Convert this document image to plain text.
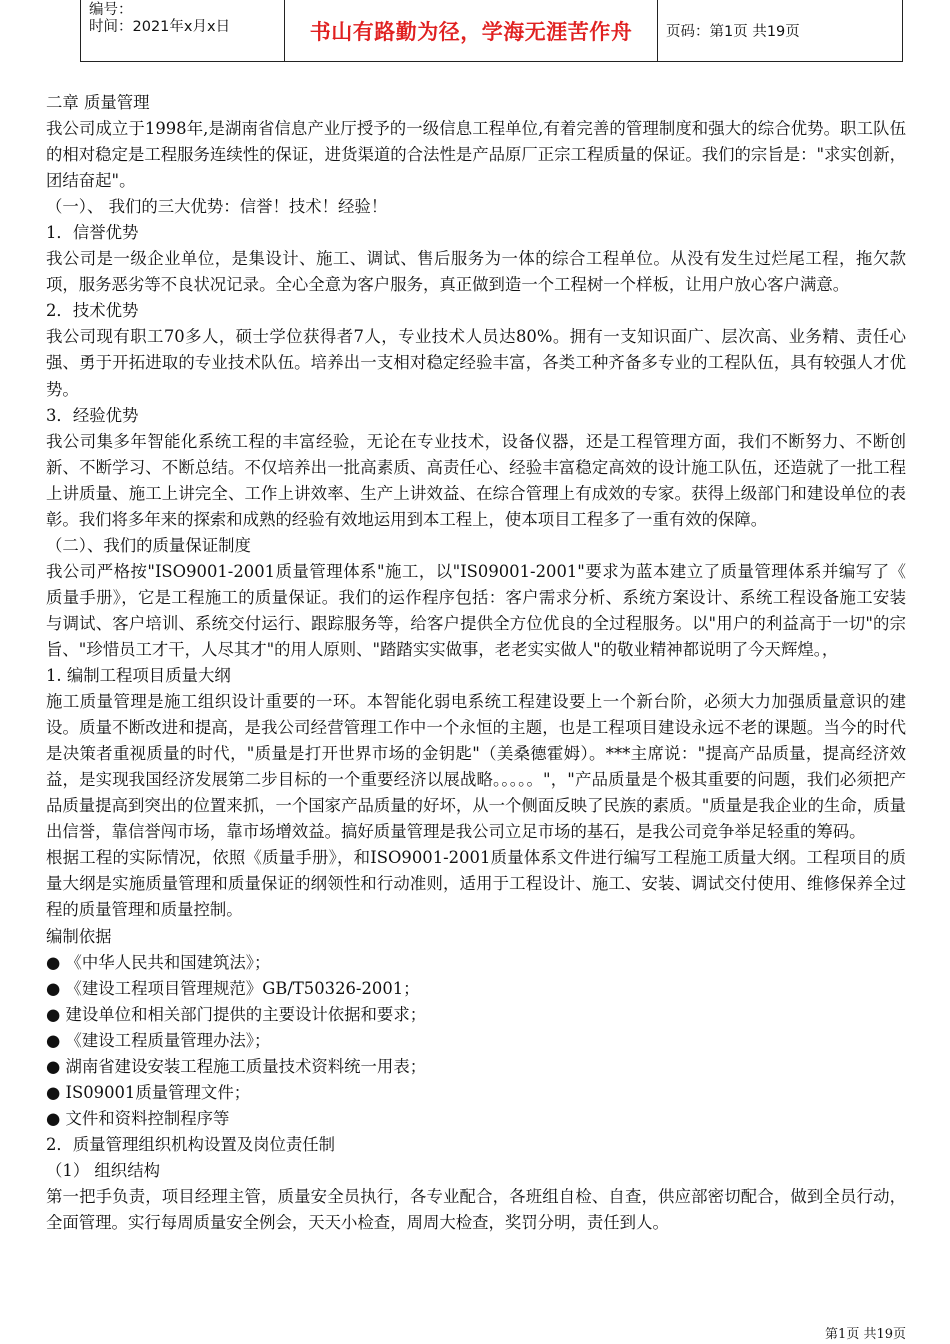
编号：
时间：2021年x月x日	书山有路勤为径，学海无涯苦作舟	页码：第1页 共19页

二章 质量管理

我公司成立于1998年,是湖南省信息产业厅授予的一级信息工程单位,有着完善的管理制度和强大的综合优势。职工队伍的相对稳定是工程服务连续性的保证，进货渠道的合法性是产品原厂正宗工程质量的保证。我们的宗旨是："求实创新，团结奋起"。

（一）、 我们的三大优势：信誉！技术！经验！

1．信誉优势

我公司是一级企业单位，是集设计、施工、调试、售后服务为一体的综合工程单位。从没有发生过烂尾工程，拖欠款项，服务恶劣等不良状况记录。全心全意为客户服务，真正做到造一个工程树一个样板，让用户放心客户满意。

2．技术优势

我公司现有职工70多人，硕士学位获得者7人，专业技术人员达80%。拥有一支知识面广、层次高、业务精、责任心强、勇于开拓进取的专业技术队伍。培养出一支相对稳定经验丰富，各类工种齐备多专业的工程队伍，具有较强人才优势。

3．经验优势

我公司集多年智能化系统工程的丰富经验，无论在专业技术，设备仪器，还是工程管理方面，我们不断努力、不断创新、不断学习、不断总结。不仅培养出一批高素质、高责任心、经验丰富稳定高效的设计施工队伍，还造就了一批工程上讲质量、施工上讲完全、工作上讲效率、生产上讲效益、在综合管理上有成效的专家。获得上级部门和建设单位的表彰。我们将多年来的探索和成熟的经验有效地运用到本工程上，使本项目工程多了一重有效的保障。

（二）、我们的质量保证制度

我公司严格按"ISO9001-2001质量管理体系"施工，以"IS09001-2001"要求为蓝本建立了质量管理体系并编写了《 质量手册》，它是工程施工的质量保证。我们的运作程序包括：客户需求分析、系统方案设计、系统工程设备施工安装与调试、客户培训、系统交付运行、跟踪服务等，给客户提供全方位优良的全过程服务。以"用户的利益高于一切"的宗旨、"珍惜员工才干，人尽其才"的用人原则、"踏踏实实做事，老老实实做人"的敬业精神都说明了今天辉煌。，

1. 编制工程项目质量大纲

施工质量管理是施工组织设计重要的一环。本智能化弱电系统工程建设要上一个新台阶，必须大力加强质量意识的建设。质量不断改进和提高，是我公司经营管理工作中一个永恒的主题，也是工程项目建设永远不老的课题。当今的时代是决策者重视质量的时代，"质量是打开世界市场的金钥匙"（美桑德霍姆）。***主席说："提高产品质量，提高经济效益，是实现我国经济发展第二步目标的一个重要经济以展战略。。。。。"，"产品质量是个极其重要的问题，我们必须把产品质量提高到突出的位置来抓，一个国家产品质量的好坏，从一个侧面反映了民族的素质。"质量是我企业的生命，质量出信誉，靠信誉闯市场，靠市场增效益。搞好质量管理是我公司立足市场的基石，是我公司竞争举足轻重的筹码。

根据工程的实际情况，依照《质量手册》，和ISO9001-2001质量体系文件进行编写工程施工质量大纲。工程项目的质量大纲是实施质量管理和质量保证的纲领性和行动准则，适用于工程设计、施工、安装、调试交付使用、维修保养全过程的质量管理和质量控制。

编制依据

● 《中华人民共和国建筑法》；

● 《建设工程项目管理规范》GB/T50326-2001；

● 建设单位和相关部门提供的主要设计依据和要求；

● 《建设工程质量管理办法》；

● 湖南省建设安装工程施工质量技术资料统一用表；

● IS09001质量管理文件；

● 文件和资料控制程序等

2．质量管理组织机构设置及岗位责任制

（1） 组织结构

第一把手负责，项目经理主管，质量安全员执行，各专业配合，各班组自检、自查，供应部密切配合，做到全员行动，全面管理。实行每周质量安全例会，天天小检查，周周大检查，奖罚分明，责任到人。

第1页 共19页
